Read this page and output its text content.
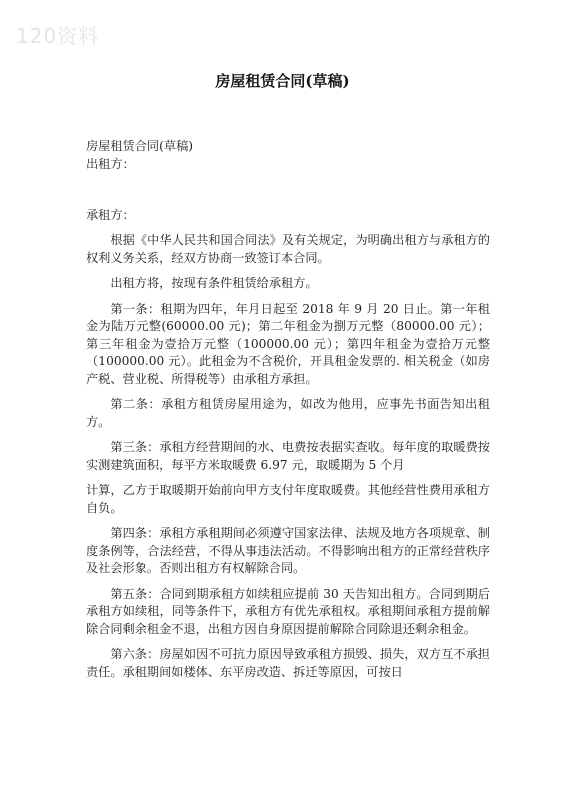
120资料
房屋租赁合同(草稿)

房屋租赁合同(草稿)

出租方：

承租方：

根据《中华人民共和国合同法》及有关规定，为明确出租方与承租方的权利义务关系，经双方协商一致签订本合同。

出租方将，按现有条件租赁给承租方。

第一条：租期为四年，年月日起至 2018 年 9 月 20 日止。第一年租金为陆万元整(60000.00 元)；第二年租金为捌万元整（80000.00 元）；第三年租金为壹拾万元整（100000.00 元）；第四年租金为壹拾万元整（100000.00 元）。此租金为不含税价，开具租金发票的. 相关税金（如房产税、营业税、所得税等）由承租方承担。

第二条：承租方租赁房屋用途为，如改为他用，应事先书面告知出租方。

第三条：承租方经营期间的水、电费按表据实查收。每年度的取暖费按实测建筑面积，每平方米取暖费 6.97 元，取暖期为 5 个月

计算，乙方于取暖期开始前向甲方支付年度取暖费。其他经营性费用承租方自负。

第四条：承租方承租期间必须遵守国家法律、法规及地方各项规章、制度条例等，合法经营，不得从事违法活动。不得影响出租方的正常经营秩序及社会形象。否则出租方有权解除合同。

第五条：合同到期承租方如续租应提前 30 天告知出租方。合同到期后承租方如续租，同等条件下，承租方有优先承租权。承租期间承租方提前解除合同剩余租金不退，出租方因自身原因提前解除合同除退还剩余租金。

第六条：房屋如因不可抗力原因导致承租方损毁、损失，双方互不承担责任。承租期间如楼体、东平房改造、拆迁等原因，可按日
